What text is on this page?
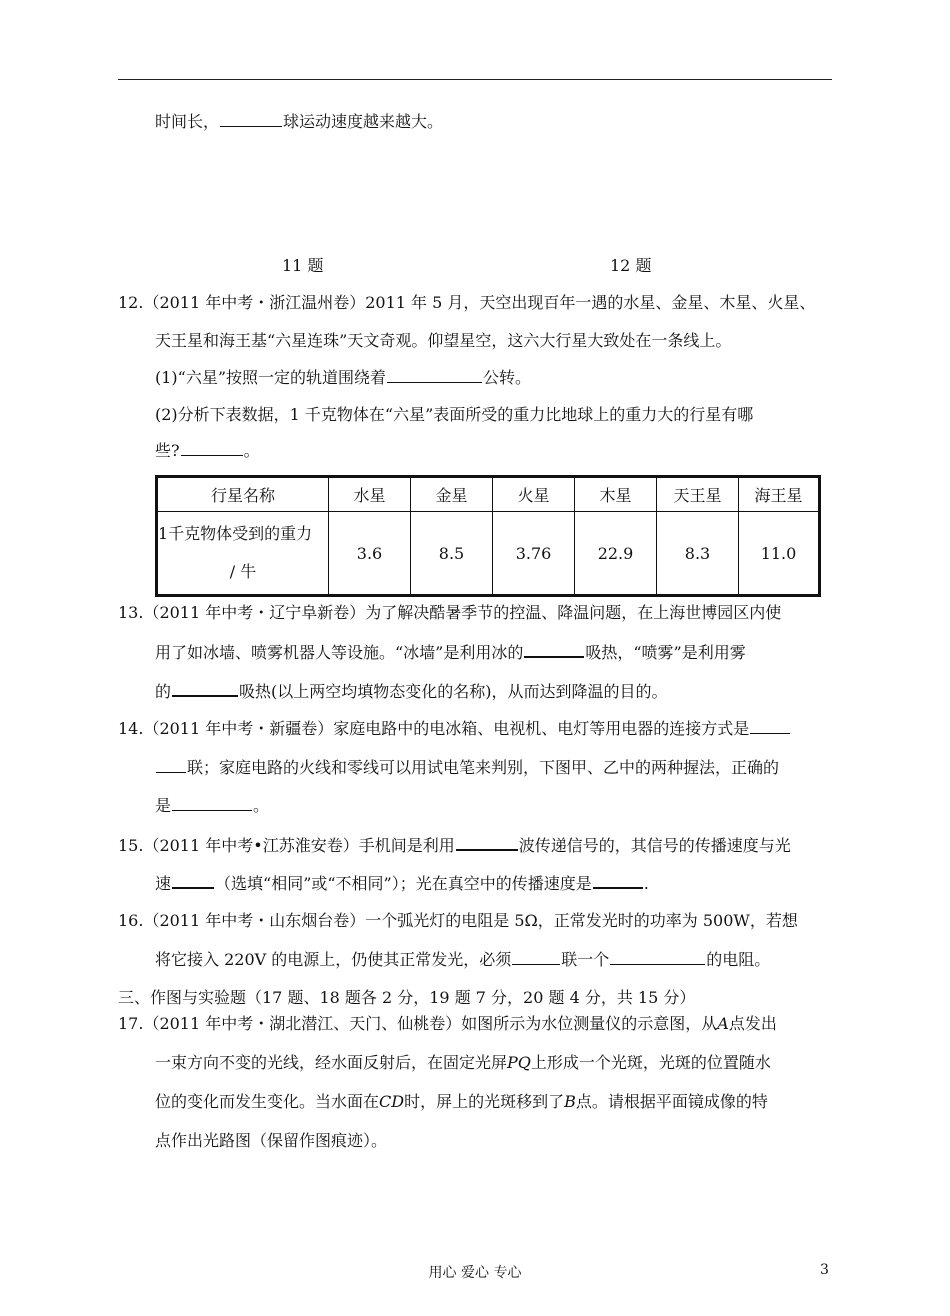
时间长，	球运动速度越来越大。
11 题	12 题
12.（2011 年中考・浙江温州卷）2011 年 5 月，天空出现百年一遇的水星、金星、木星、火星、
天王星和海王基“六星连珠”天文奇观。仰望星空，这六大行星大致处在一条线上。
(1)“六星”按照一定的轨道围绕着	公转。
(2)分析下表数据，1 千克物体在“六星”表面所受的重力比地球上的重力大的行星有哪
些?	。
行星名称	水星	金星	火星	木星	天王星	海王星

1千克物体受到的重力
/ 牛	3.6	8.5	3.76	22.9	8.3	11.0
13.（2011 年中考・辽宁阜新卷）为了解决酷暑季节的控温、降温问题，在上海世博园区内使
用了如冰墙、喷雾机器人等设施。“冰墙”是利用冰的	吸热，“喷雾”是利用雾
的	吸热(以上两空均填物态变化的名称)，从而达到降温的目的。
14.（2011 年中考・新疆卷）家庭电路中的电冰箱、电视机、电灯等用电器的连接方式是
联；家庭电路的火线和零线可以用试电笔来判别，下图甲、乙中的两种握法，正确的
是	。
15.（2011 年中考•江苏淮安卷）手机间是利用	波传递信号的，其信号的传播速度与光
速	（选填“相同”或“不相同”）；光在真空中的传播速度是	.
16.（2011 年中考・山东烟台卷）一个弧光灯的电阻是 5Ω，正常发光时的功率为 500W，若想
将它接入 220V 的电源上，仍使其正常发光，必须	联一个	的电阻。
三、作图与实验题（17 题、18 题各 2 分，19 题 7 分，20 题 4 分，共 15 分）
17.（2011 年中考・湖北潜江、天门、仙桃卷）如图所示为水位测量仪的示意图，从A点发出
一束方向不变的光线，经水面反射后，在固定光屏PQ上形成一个光斑，光斑的位置随水
位的变化而发生变化。当水面在CD时，屏上的光斑移到了B点。请根据平面镜成像的特
点作出光路图（保留作图痕迹）。
用心 爱心 专心	3
